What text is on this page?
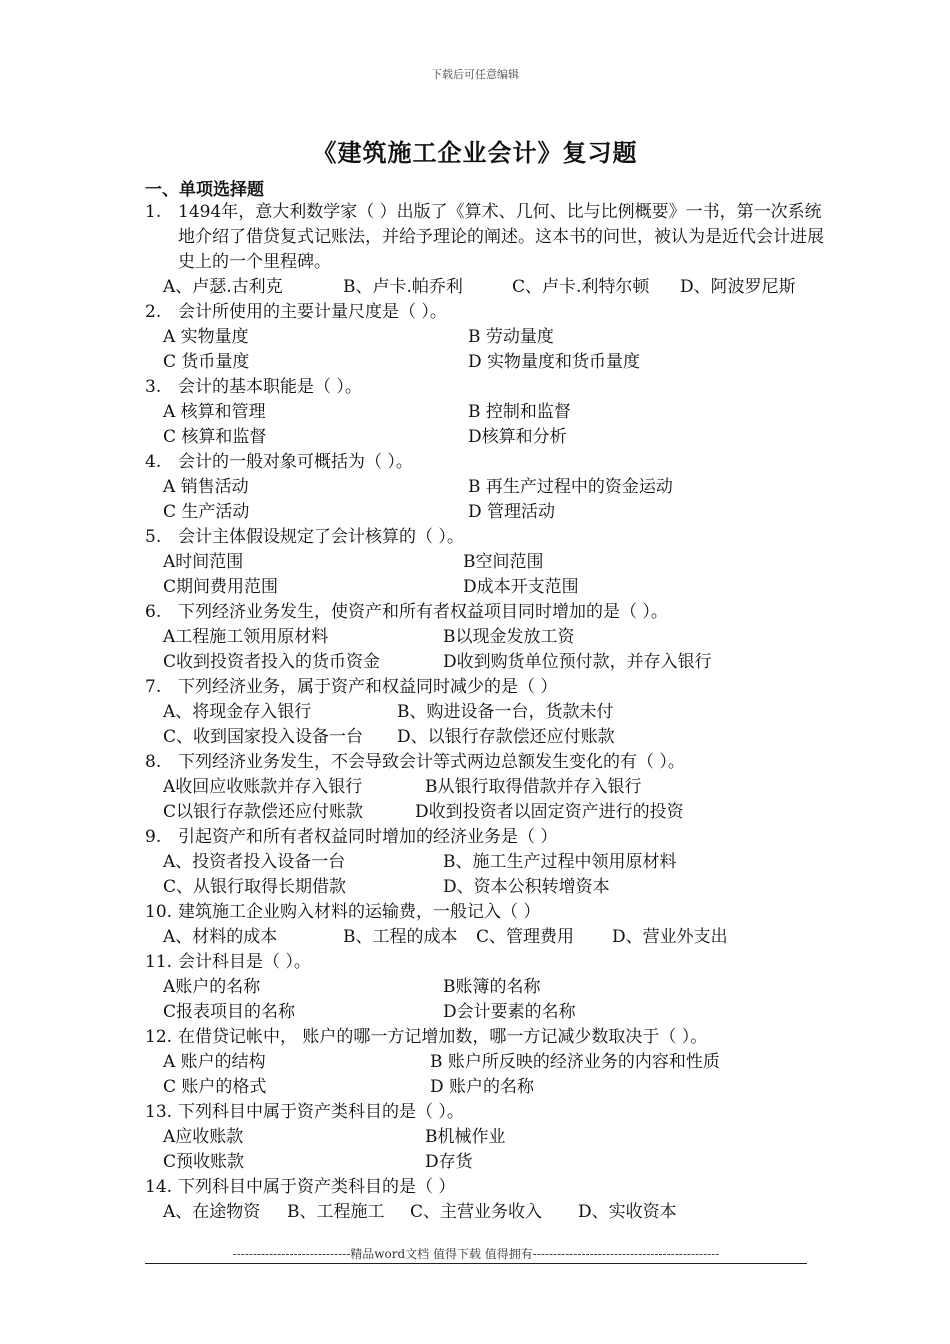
下载后可任意编辑
《建筑施工企业会计》复习题
一、单项选择题
1. 1494年，意大利数学家（ ）出版了《算术、几何、比与比例概要》一书，第一次系统地介绍了借贷复式记账法，并给予理论的阐述。这本书的问世，被认为是近代会计进展史上的一个里程碑。
A、卢瑟.古利克	B、卢卡.帕乔利	C、卢卡.利特尔顿 D、阿波罗尼斯
2. 会计所使用的主要计量尺度是（ ）。
A 实物量度	B 劳动量度
C 货币量度	D 实物量度和货币量度
3. 会计的基本职能是（ ）。
A 核算和管理	B 控制和监督
C 核算和监督	D核算和分析
4. 会计的一般对象可概括为（ ）。
A 销售活动	B 再生产过程中的资金运动
C 生产活动	D 管理活动
5. 会计主体假设规定了会计核算的（ ）。
A时间范围	B空间范围
C期间费用范围	D成本开支范围
6. 下列经济业务发生，使资产和所有者权益项目同时增加的是（ ）。
A工程施工领用原材料	B以现金发放工资
C收到投资者投入的货币资金	D收到购货单位预付款，并存入银行
7. 下列经济业务，属于资产和权益同时减少的是（ ）
A、将现金存入银行	B、购进设备一台，货款未付
C、收到国家投入设备一台 D、以银行存款偿还应付账款
8. 下列经济业务发生，不会导致会计等式两边总额发生变化的有（ ）。
A收回应收账款并存入银行	B从银行取得借款并存入银行
C以银行存款偿还应付账款	D收到投资者以固定资产进行的投资
9. 引起资产和所有者权益同时增加的经济业务是（ ）
A、投资者投入设备一台	B、施工生产过程中领用原材料
C、从银行取得长期借款	D、资本公积转增资本
10. 建筑施工企业购入材料的运输费，一般记入（ ）
A、材料的成本	B、工程的成本 C、管理费用 D、营业外支出
11. 会计科目是（ ）。
A账户的名称	B账簿的名称
C报表项目的名称	D会计要素的名称
12. 在借贷记帐中， 账户的哪一方记增加数，哪一方记减少数取决于（ ）。
A 账户的结构	B 账户所反映的经济业务的内容和性质
C 账户的格式	D 账户的名称
13. 下列科目中属于资产类科目的是（ ）。
A应收账款	B机械作业
C预收账款	D存货
14. 下列科目中属于资产类科目的是（ ）
A、在途物资 B、工程施工 C、主营业务收入 D、实收资本
-----------------------------精品word文档 值得下载 值得拥有----------------------------------------------
